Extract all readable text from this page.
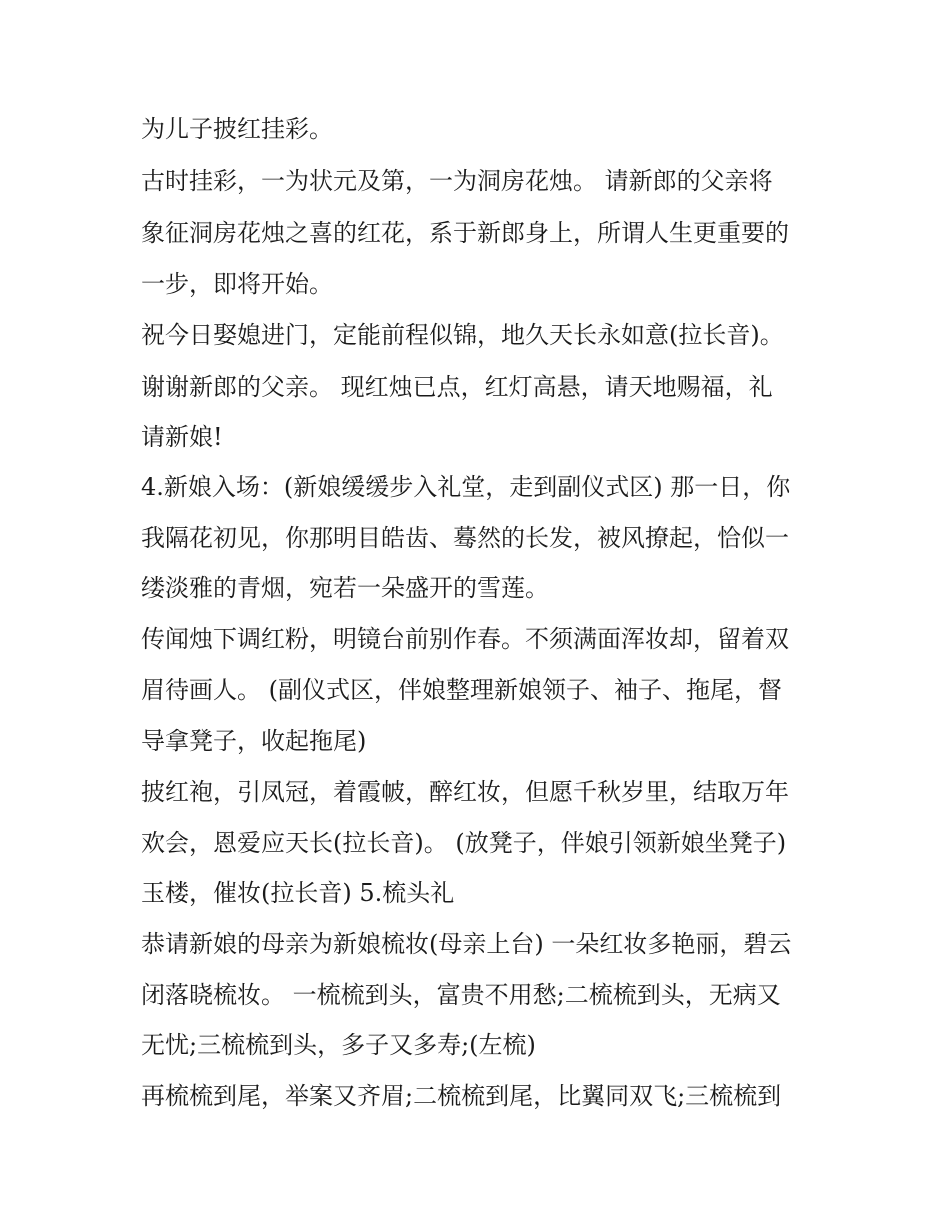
为儿子披红挂彩。
古时挂彩，一为状元及第，一为洞房花烛。 请新郎的父亲将
象征洞房花烛之喜的红花，系于新郎身上，所谓人生更重要的
一步，即将开始。
祝今日娶媳进门，定能前程似锦，地久天长永如意(拉长音)。
谢谢新郎的父亲。 现红烛已点，红灯高悬，请天地赐福，礼
请新娘!
4.新娘入场：(新娘缓缓步入礼堂，走到副仪式区) 那一日，你
我隔花初见，你那明目皓齿、蓦然的长发，被风撩起，恰似一
缕淡雅的青烟，宛若一朵盛开的雪莲。
传闻烛下调红粉，明镜台前别作春。不须满面浑妆却，留着双
眉待画人。 (副仪式区，伴娘整理新娘领子、袖子、拖尾，督
导拿凳子，收起拖尾)
披红袍，引凤冠，着霞帔，醉红妆，但愿千秋岁里，结取万年
欢会，恩爱应天长(拉长音)。 (放凳子，伴娘引领新娘坐凳子)
玉楼，催妆(拉长音) 5.梳头礼
恭请新娘的母亲为新娘梳妆(母亲上台) 一朵红妆多艳丽，碧云
闭落晓梳妆。 一梳梳到头，富贵不用愁;二梳梳到头，无病又
无忧;三梳梳到头，多子又多寿;(左梳)
再梳梳到尾，举案又齐眉;二梳梳到尾，比翼同双飞;三梳梳到
